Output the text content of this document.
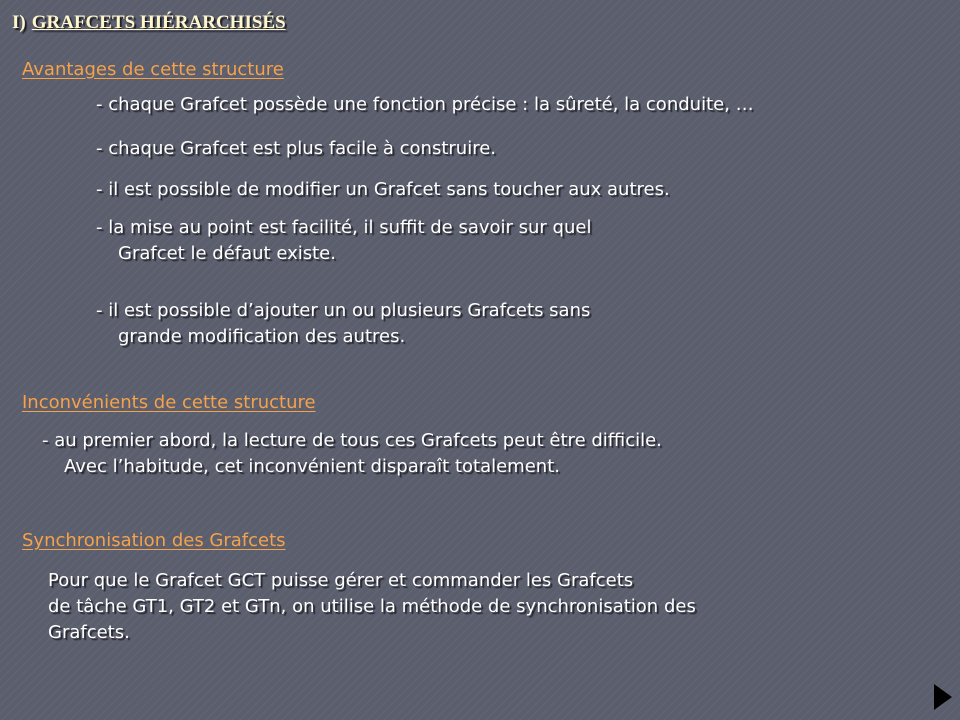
I) GRAFCETS HIÉRARCHISÉS
Avantages de cette structure
- chaque Grafcet possède une fonction précise : la sûreté, la conduite, …
- chaque Grafcet est plus facile à construire.
- il est possible de modifier un Grafcet sans toucher aux autres.
- la mise au point est facilité, il suffit de savoir sur quel
Grafcet le défaut existe.
- il est possible d’ajouter un ou plusieurs Grafcets sans
grande modification des autres.
Inconvénients de cette structure
- au premier abord, la lecture de tous ces Grafcets peut être difficile.
Avec l’habitude, cet inconvénient disparaît totalement.
Synchronisation des Grafcets
Pour que le Grafcet GCT puisse gérer et commander les Grafcets
de tâche GT1, GT2 et GTn, on utilise la méthode de synchronisation des
Grafcets.
